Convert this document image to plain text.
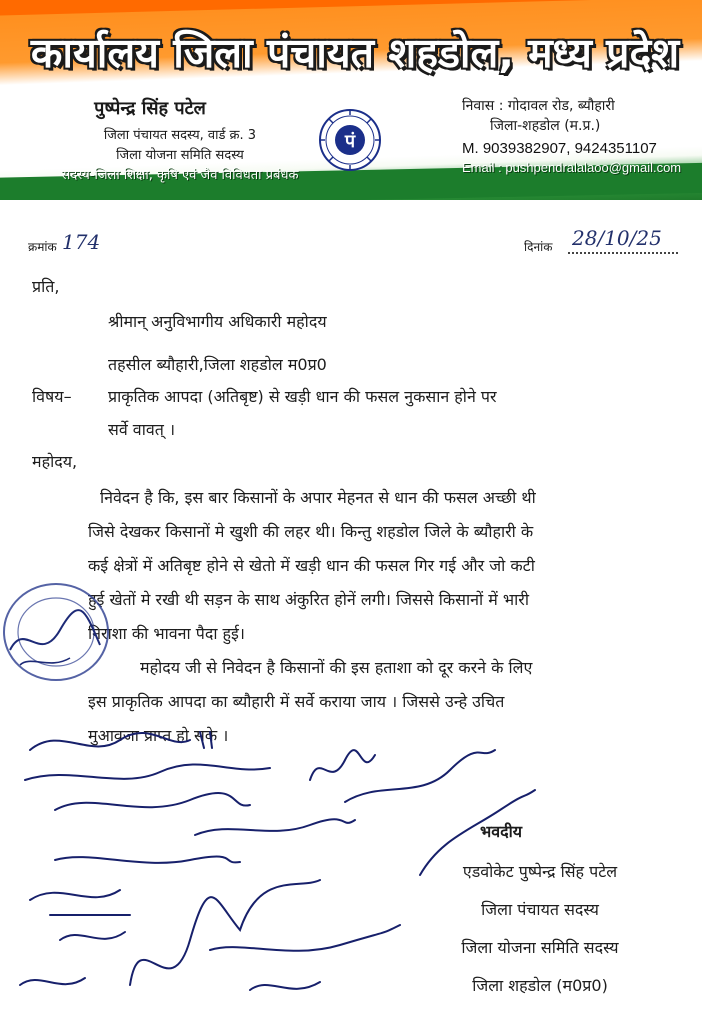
कार्यालय जिला पंचायत शहडोल, मध्य प्रदेश
पुष्पेन्द्र सिंह पटेल
जिला पंचायत सदस्य, वार्ड क्र. 3
जिला योजना समिति सदस्य
सदस्य-जिला शिक्षा, कृषि एवं जैव विविधता प्रबंधक
पं
निवास : गोदावल रोड, ब्यौहारी
जिला-शहडोल (म.प्र.)
M. 9039382907, 9424351107
Email : pushpendralalaoo@gmail.com
क्रमांक 174	दिनांक 28/10/25
प्रति,
श्रीमान् अनुविभागीय अधिकारी महोदय
तहसील ब्यौहारी,जिला शहडोल म0प्र0
विषय– प्राकृतिक आपदा (अतिबृष्ट) से खड़ी धान की फसल नुकसान होने पर
सर्वे वावत् ।
महोदय,
निवेदन है कि, इस बार किसानों के अपार मेहनत से धान की फसल अच्छी थी
जिसे देखकर किसानों मे खुशी की लहर थी। किन्तु शहडोल जिले के ब्यौहारी के
कई क्षेत्रों में अतिबृष्ट होने से खेतो में खड़ी धान की फसल गिर गई और जो कटी
हुई खेतों मे रखी थी सड़न के साथ अंकुरित होनें लगी। जिससे किसानों में भारी
निराशा की भावना पैदा हुई।
महोदय जी से निवेदन है किसानों की इस हताशा को दूर करने के लिए
इस प्राकृतिक आपदा का ब्यौहारी में सर्वे कराया जाय । जिससे उन्हे उचित
मुआवजा प्राप्त हो सके ।
भवदीय
एडवोकेट पुष्पेन्द्र सिंह पटेल
जिला पंचायत सदस्य
जिला योजना समिति सदस्य
जिला शहडोल (म0प्र0)
